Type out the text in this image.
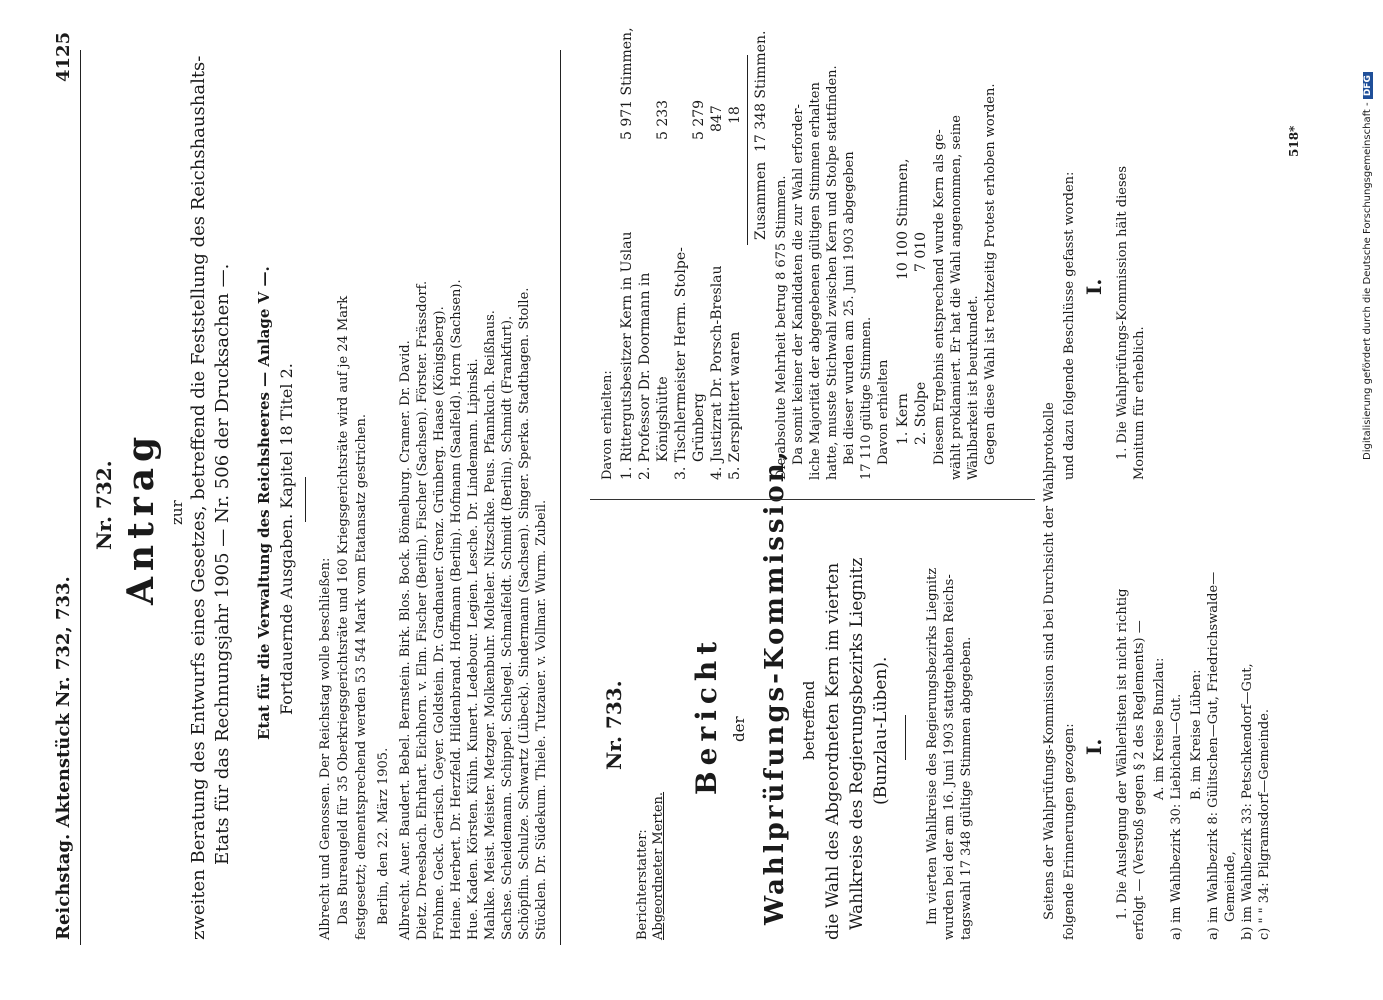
Reichstag. Aktenstück Nr. 732, 733.
4125
Nr. 732. Antrag zur zweiten Beratung des Entwurfs eines Gesetzes, betreffend die Feststellung des Reichshaushalts- Etats für das Rechnungsjahr 1905 — Nr. 506 der Drucksachen —. Etat für die Verwaltung des Reichsheeres — Anlage V —. Fortdauernde Ausgaben. Kapitel 18 Titel 2.
Albrecht und Genossen. Der Reichstag wolle beschließen: Das Bureaugeld für 35 Oberkriegsgerichtsräte und 160 Kriegsgerichtsräte wird auf je 24 Mark festgesetzt; dementsprechend werden 53 544 Mark vom Etatansatz gestrichen. Berlin, den 22. März 1905. Albrecht. Auer. Baudert. Bebel. Bernstein. Birk. Blos. Bock. Bömelburg. Cramer. Dr. David. Dietz. Dreesbach. Ehrhart. Eichhorn. v. Elm. Fischer (Berlin). Fischer (Sachsen). Förster. Frässdorf. Frohme. Geck. Gerisch. Geyer. Goldstein. Dr. Gradnauer. Grenz. Grünberg. Haase (Königsberg). Heine. Herbert. Dr. Herzfeld. Hildenbrand. Hoffmann (Berlin). Hofmann (Saalfeld). Horn (Sachsen). Hue. Kaden. Körsten. Kühn. Kunert. Ledebour. Legien. Lesche. Dr. Lindemann. Lipinski. Mahlke. Meist. Meister. Metzger. Molkenbuhr. Molteler. Nitzschke. Peus. Pfannkuch. Reißhaus. Sachse. Scheidemann. Schippel. Schlegel. Schmalfeldt. Schmidt (Berlin). Schmidt (Frankfurt). Schöpflin. Schulze. Schwartz (Lübeck). Sindermann (Sachsen). Singer. Sperka. Stadthagen. Stolle. Stücklen. Dr. Südekum. Thiele. Tutzauer. v. Vollmar. Wurm. Zubeil.	Nr. 733.
Berichterstatter: Abgeordneter Merten.
Bericht der Wahlprüfungs-Kommission, betreffend die Wahl des Abgeordneten Kern im vierten Wahlkreise des Regierungsbezirks Liegnitz (Bunzlau-Lüben).	Im vierten Wahlkreise des Regierungsbezirks Liegnitz wurden bei der am 16. Juni 1903 stattgehabten Reichs- tagswahl 17 348 gültige Stimmen abgegeben.
Davon erhielten: 1. Rittergutsbesitzer Kern in Uslau
5 971 Stimmen,
2. Professor Dr. Doormann in Königshütte
5 233
3. Tischlermeister Herm. Stolpe- Grünberg
5 279
4. Justizrat Dr. Porsch-Breslau
847
5. Zersplittert waren
18
Zusammen
17 348 Stimmen.
Die absolute Mehrheit betrug 8 675 Stimmen. Da somit keiner der Kandidaten die zur Wahl erforder- liche Majorität der abgegebenen gültigen Stimmen erhalten hatte, musste Stichwahl zwischen Kern und Stolpe stattfinden. Bei dieser wurden am 25. Juni 1903 abgegeben 17 110 gültige Stimmen. Davon erhielten 1. Kern
10 100 Stimmen,
2. Stolpe
7 010 Diesem Ergebnis entsprechend wurde Kern als ge- wählt proklamiert. Er hat die Wahl angenommen, seine Wählbarkeit ist beurkundet. Gegen diese Wahl ist rechtzeitig Protest erhoben worden.
Seitens der Wahlprüfungs-Kommission sind bei Durchsicht der Wahlprotokolle folgende Erinnerungen gezogen:
und dazu folgende Beschlüsse gefasst worden:
I.
I.
1. Die Auslegung der Wählerlisten ist nicht richtig erfolgt — (Verstoß gegen § 2 des Reglements) — A. im Kreise Bunzlau: a) im Wahlbezirk 30: Liebichau—Gut. B. im Kreise Lüben: a) im Wahlbezirk 8: Gülitschen—Gut, Friedrichswalde— Gemeinde, b) im Wahlbezirk 33: Petschkendorf—Gut, c) " " 34: Pilgramsdorf—Gemeinde.
1. Die Wahlprüfungs-Kommission hält dieses Monitum für erheblich.
518*	Digitalisierung gefördert durch die Deutsche Forschungsgemeinschaft - DFG
